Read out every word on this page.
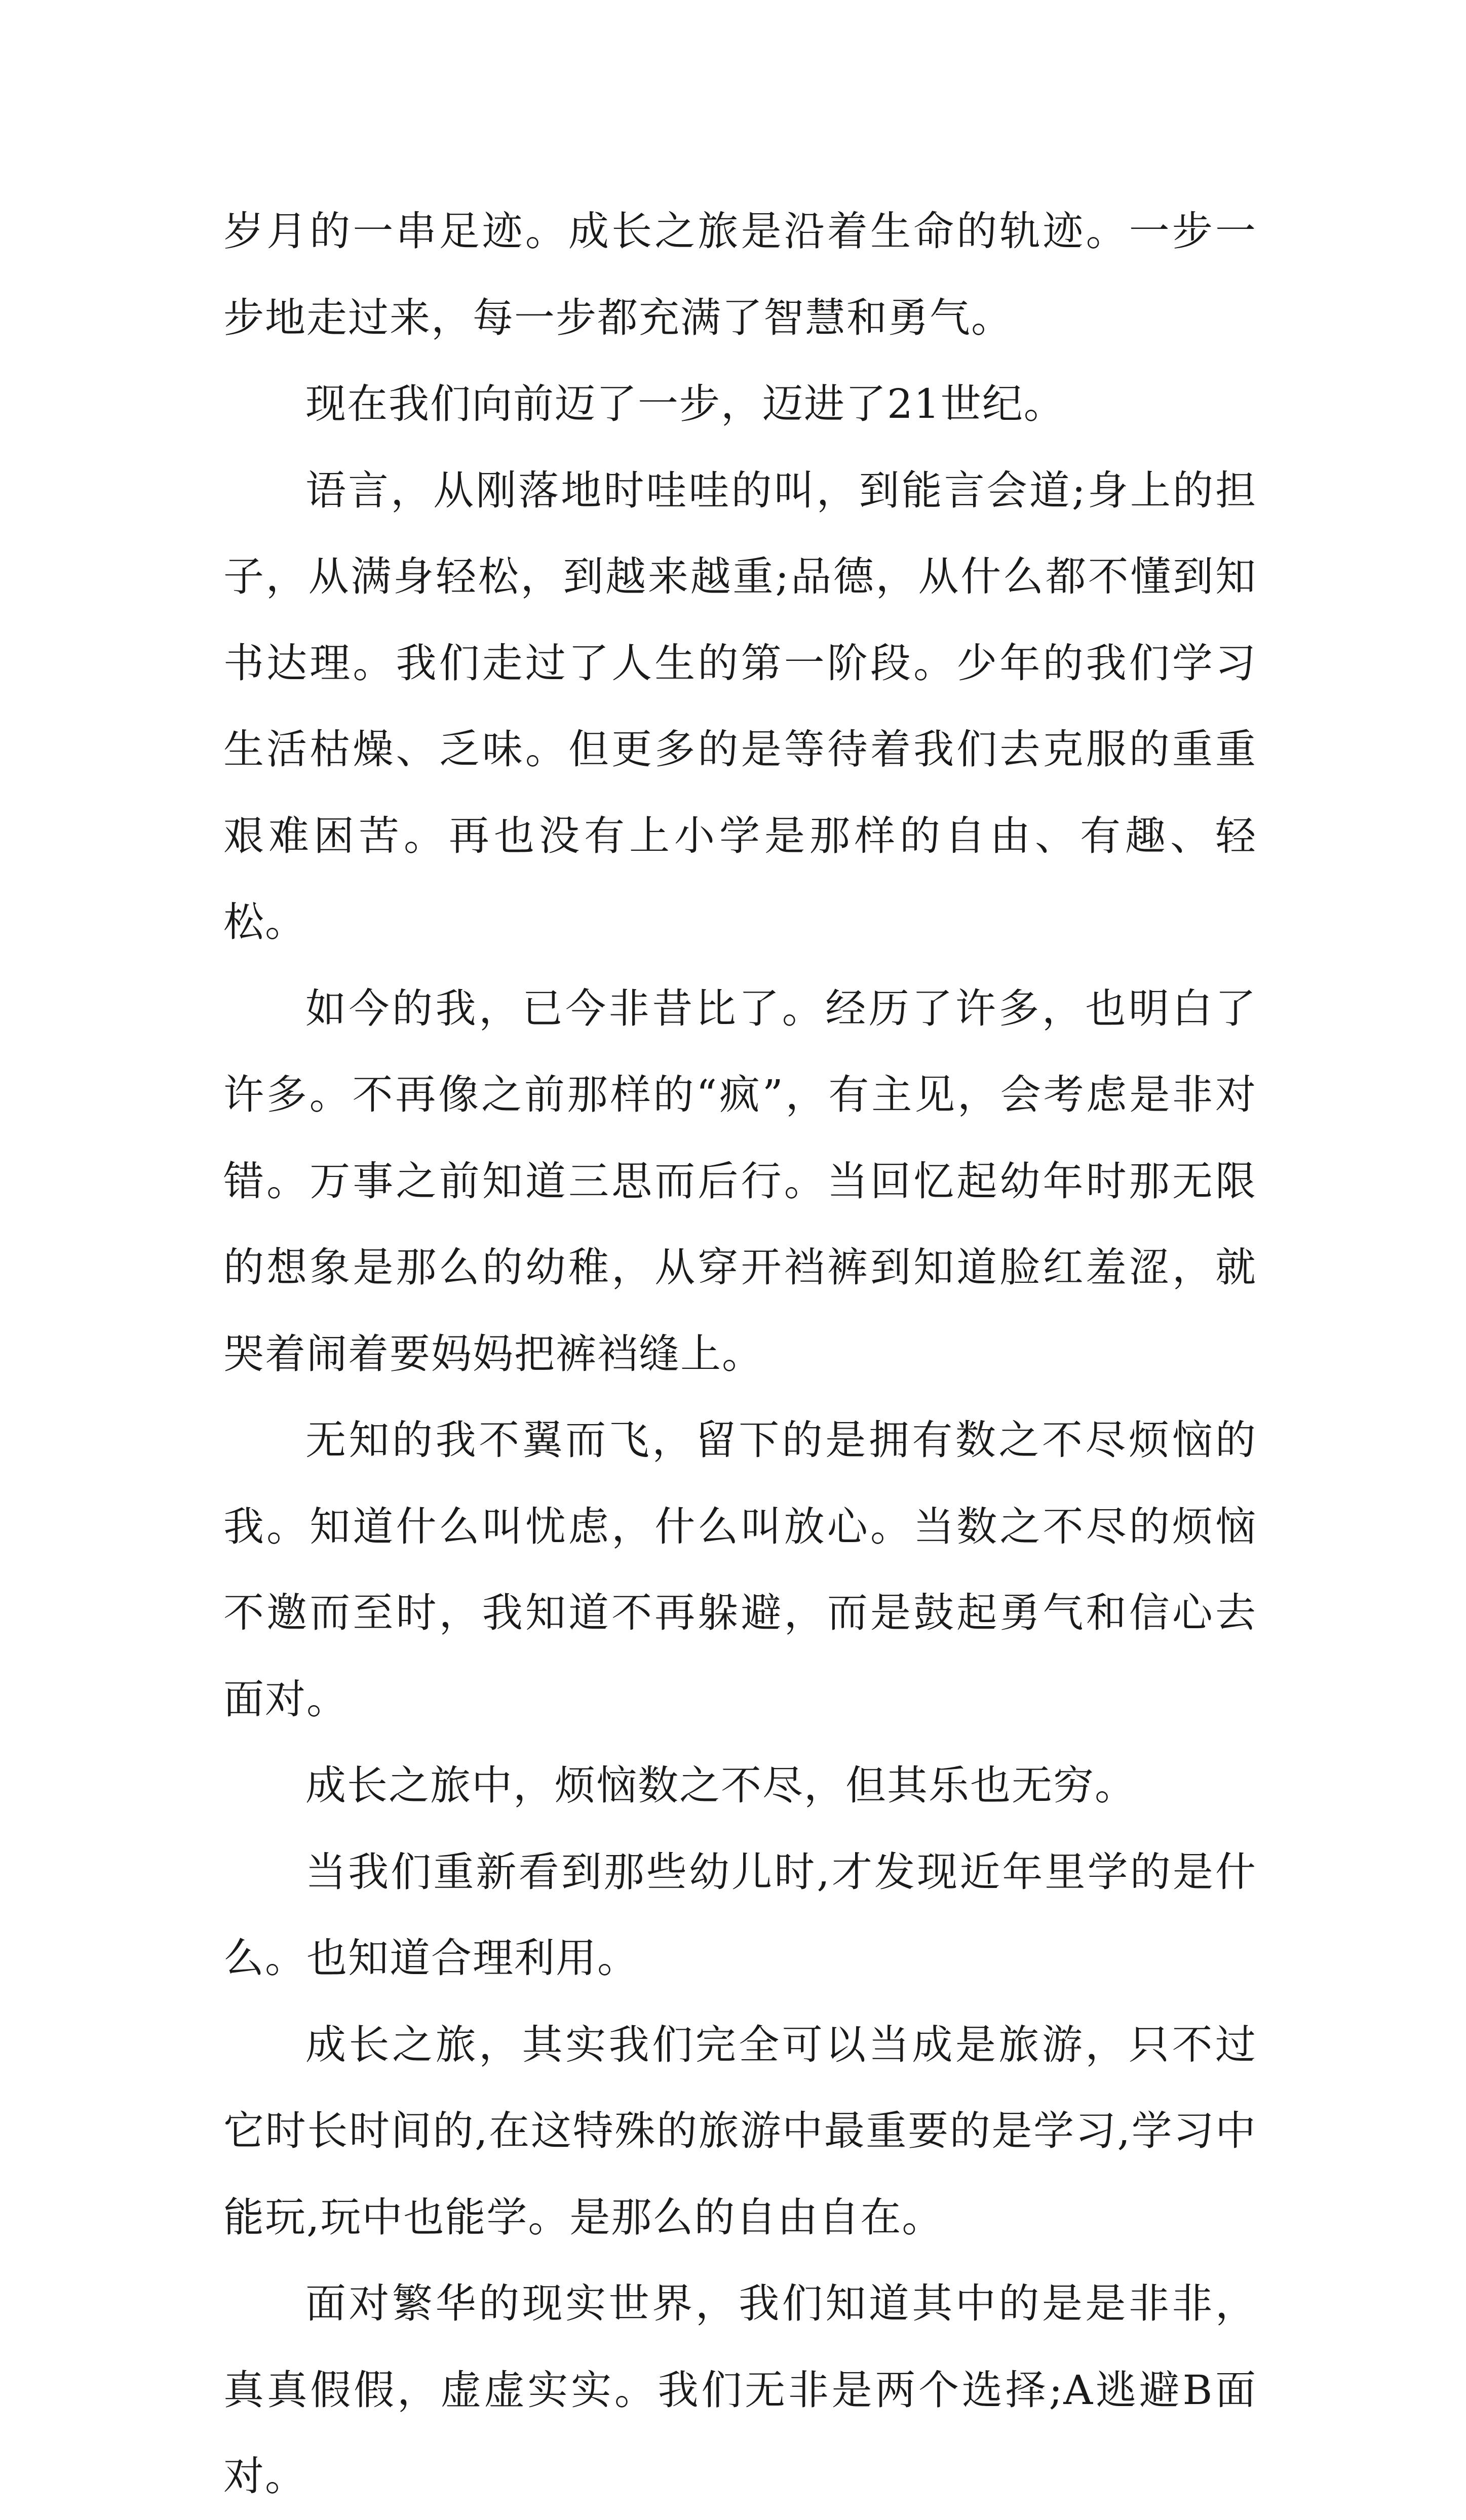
岁月的一串足迹。成长之旅是沿着生命的轨迹。一步一步地走过来，每一步都充满了智慧和勇气。

现在我们向前迈了一步，迈进了21世纪。

语言，从刚落地时哇哇的叫，到能言会道;身上的担子，从满身轻松，到越来越重;品德，从什么都不懂到知书达理。我们走过了人生的第一阶段。少年的我们学习生活枯燥、乏味。但更多的是等待着我们去克服的重重艰难困苦。再也没有上小学是那样的自由、有趣、轻松。

如今的我，已今非昔比了。经历了许多，也明白了许多。不再像之前那样的“疯”，有主见，会考虑是非对错。万事之前知道三思而后行。当回忆起幼年时那无限的想象是那么的幼稚，从穿开裆裤到知道脸红羞涩，就哭着闹着要妈妈把裤裆缝上。

无知的我不翼而飞，留下的是拥有数之不尽烦恼的我。知道什么叫忧虑，什么叫放心。当数之不尽的烦恼不邀而至时，我知道不再躲避，而是鼓起勇气和信心去面对。

成长之旅中，烦恼数之不尽，但其乐也无穷。

当我们重新看到那些幼儿时,才发现近年里学的是什么。也知道合理利用。

成长之旅，其实我们完全可以当成是旅游，只不过它时长时间的,在这特殊的旅游中最重要的是学习,学习中能玩,玩中也能学。是那么的自由自在。

面对繁华的现实世界，我们知道其中的是是非非，真真假假，虚虚实实。我们无非是两个选择;A逃避B面对。
